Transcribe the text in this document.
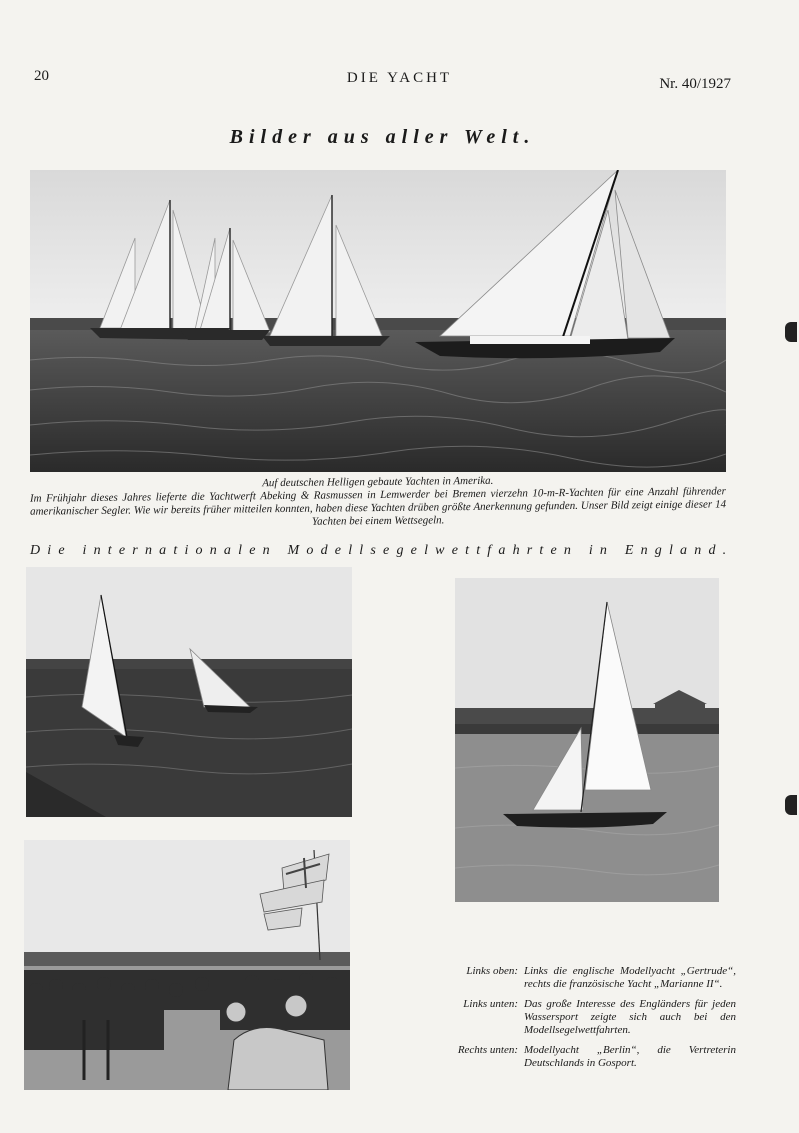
20	DIE YACHT	Nr. 40/1927
Bilder aus aller Welt.
Auf deutschen Helligen gebaute Yachten in Amerika.
Im Frühjahr dieses Jahres lieferte die Yachtwerft Abeking & Rasmussen in Lemwerder bei Bremen vierzehn 10-m-R-Yachten für eine Anzahl führender amerikanischer Segler. Wie wir bereits früher mitteilen konnten, haben diese Yachten drüben größte Anerkennung gefunden. Unser Bild zeigt einige dieser 14 Yachten bei einem Wettsegeln.
Die internationalen Modellsegelwettfahrten in England.
Links oben: Links die englische Modellyacht „Gertrude“, rechts die französische Yacht „Marianne II“.
Links unten: Das große Interesse des Engländers für jeden Wassersport zeigte sich auch bei den Modellsegelwettfahrten.
Rechts unten: Modellyacht „Berlin“, die Vertreterin Deutschlands in Gosport.
